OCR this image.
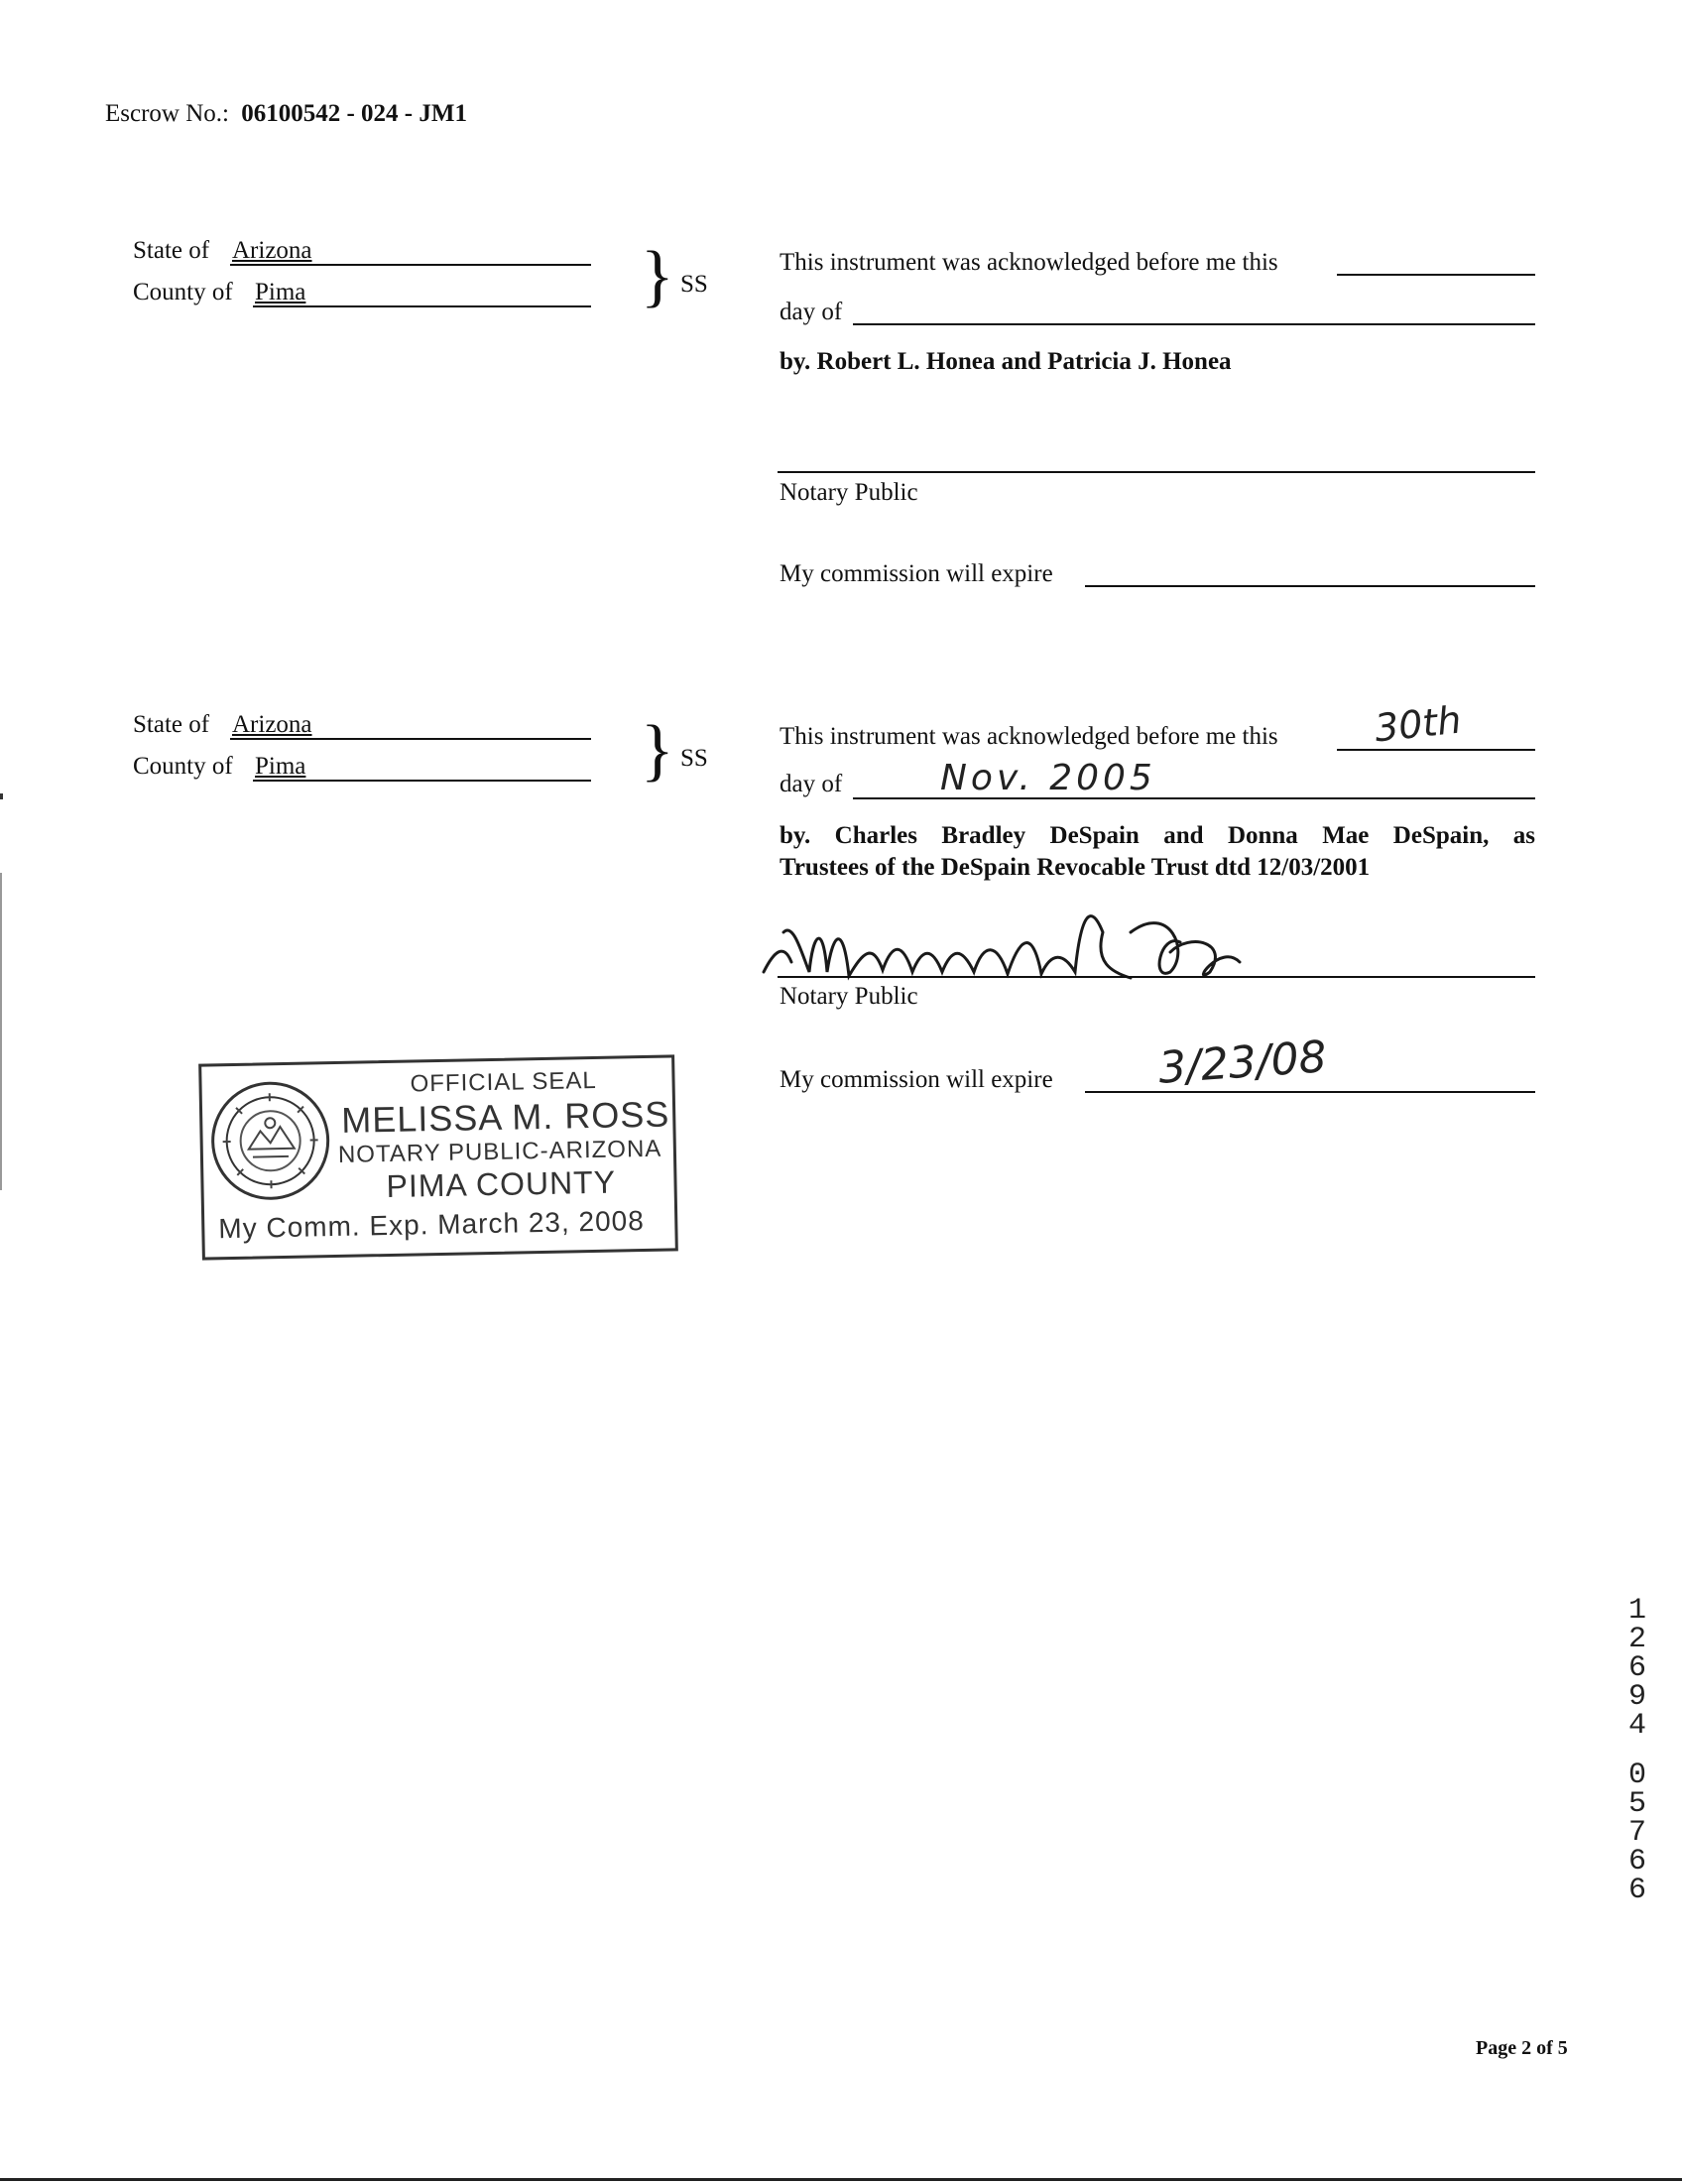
Escrow No.: 06100542 - 024 - JM1
State of Arizona
County of Pima	} SS
This instrument was acknowledged before me this
day of
by. Robert L. Honea and Patricia J. Honea
Notary Public
My commission will expire
State of Arizona
County of Pima	} SS
This instrument was acknowledged before me this	30th
day of	Nov. 2005
by. Charles Bradley DeSpain and Donna Mae DeSpain, as
Trustees of the DeSpain Revocable Trust dtd 12/03/2001
Notary Public
My commission will expire 3/23/08
OFFICIAL SEAL
MELISSA M. ROSS
NOTARY PUBLIC-ARIZONA
PIMA COUNTY
My Comm. Exp. March 23, 2008
1
2
6
9
4
0
5
7
6
6
Page 2 of 5
